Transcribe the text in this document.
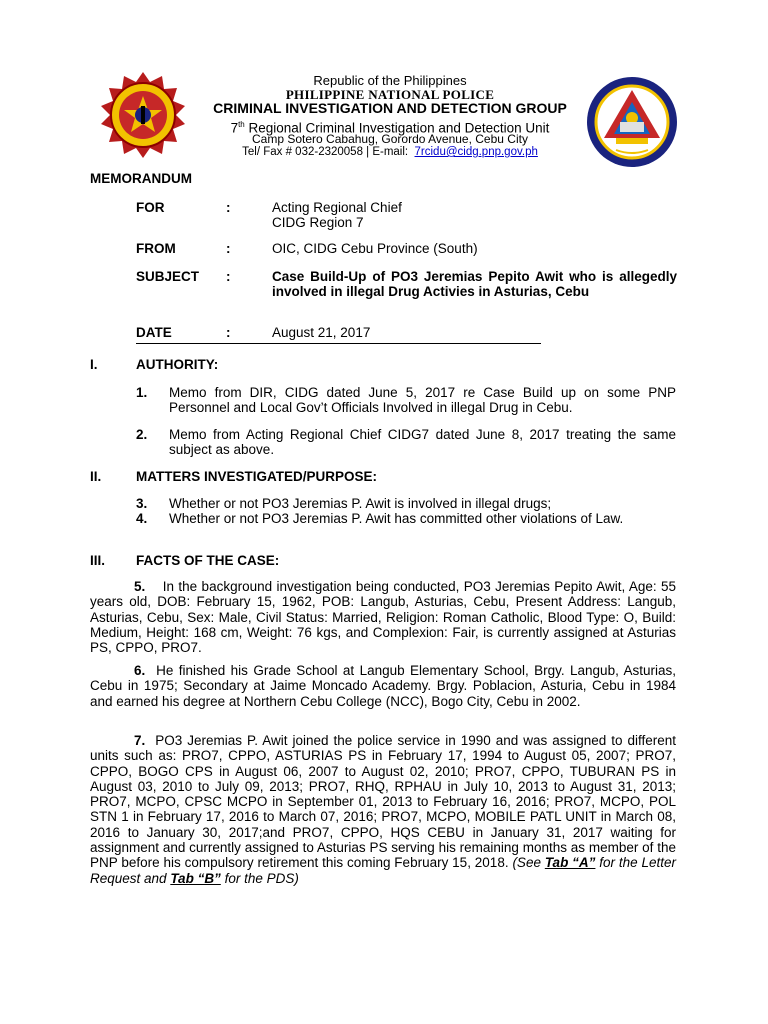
Republic of the Philippines
PHILIPPINE NATIONAL POLICE
CRIMINAL INVESTIGATION AND DETECTION GROUP
7th Regional Criminal Investigation and Detection Unit
Camp Sotero Cabahug, Gorordo Avenue, Cebu City
Tel/ Fax # 032-2320058 | E-mail: 7rcidu@cidg.pnp.gov.ph
MEMORANDUM
FOR	:	Acting Regional Chief
CIDG Region 7
FROM	:	OIC, CIDG Cebu Province (South)
SUBJECT	:	Case Build-Up of PO3 Jeremias Pepito Awit who is allegedly involved in illegal Drug Activies in Asturias, Cebu
DATE	:	August 21, 2017
I.	AUTHORITY:
1. Memo from DIR, CIDG dated June 5, 2017 re Case Build up on some PNP Personnel and Local Gov’t Officials Involved in illegal Drug in Cebu.
2. Memo from Acting Regional Chief CIDG7 dated June 8, 2017 treating the same subject as above.
II.	MATTERS INVESTIGATED/PURPOSE:
3. Whether or not PO3 Jeremias P. Awit is involved in illegal drugs;
4. Whether or not PO3 Jeremias P. Awit has committed other violations of Law.
III. FACTS OF THE CASE:
5. In the background investigation being conducted, PO3 Jeremias Pepito Awit, Age: 55 years old, DOB: February 15, 1962, POB: Langub, Asturias, Cebu, Present Address: Langub, Asturias, Cebu, Sex: Male, Civil Status: Married, Religion: Roman Catholic, Blood Type: O, Build: Medium, Height: 168 cm, Weight: 76 kgs, and Complexion: Fair, is currently assigned at Asturias PS, CPPO, PRO7.
6. He finished his Grade School at Langub Elementary School, Brgy. Langub, Asturias, Cebu in 1975; Secondary at Jaime Moncado Academy. Brgy. Poblacion, Asturia, Cebu in 1984 and earned his degree at Northern Cebu College (NCC), Bogo City, Cebu in 2002.
7. PO3 Jeremias P. Awit joined the police service in 1990 and was assigned to different units such as: PRO7, CPPO, ASTURIAS PS in February 17, 1994 to August 05, 2007; PRO7, CPPO, BOGO CPS in August 06, 2007 to August 02, 2010; PRO7, CPPO, TUBURAN PS in August 03, 2010 to July 09, 2013; PRO7, RHQ, RPHAU in July 10, 2013 to August 31, 2013; PRO7, MCPO, CPSC MCPO in September 01, 2013 to February 16, 2016; PRO7, MCPO, POL STN 1 in February 17, 2016 to March 07, 2016; PRO7, MCPO, MOBILE PATL UNIT in March 08, 2016 to January 30, 2017;and PRO7, CPPO, HQS CEBU in January 31, 2017 waiting for assignment and currently assigned to Asturias PS serving his remaining months as member of the PNP before his compulsory retirement this coming February 15, 2018. (See Tab “A” for the Letter Request and Tab “B” for the PDS)
